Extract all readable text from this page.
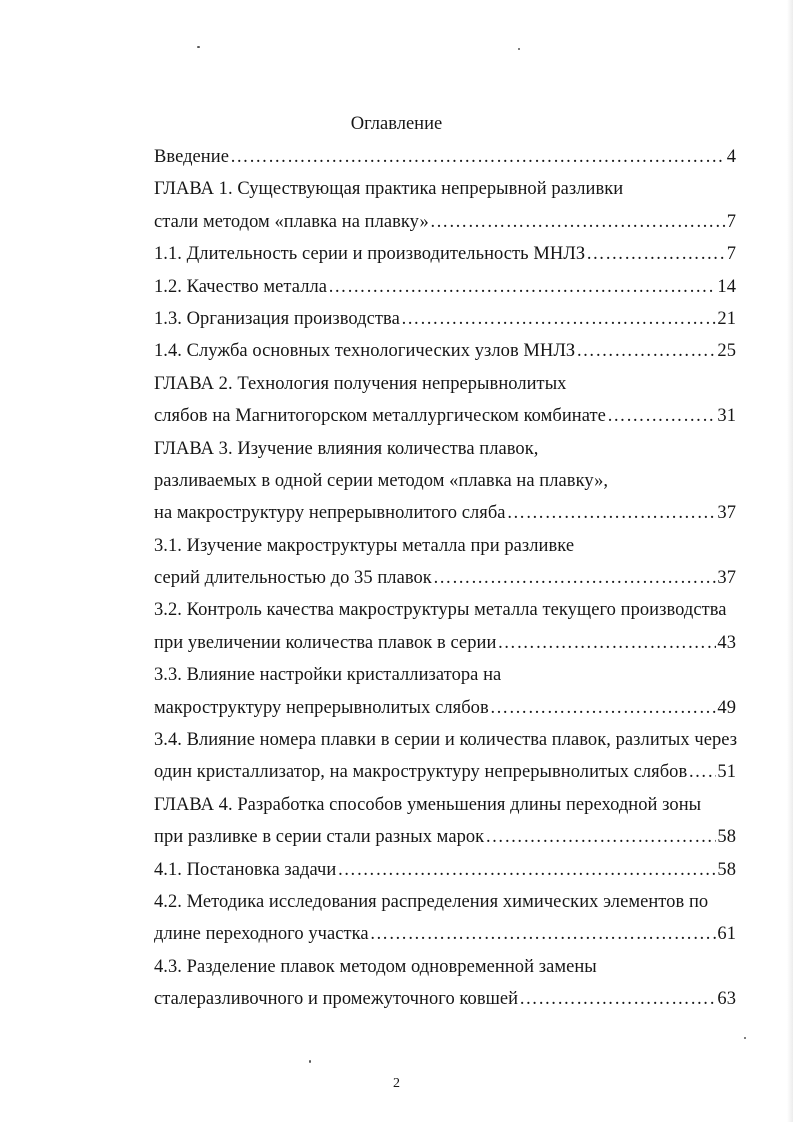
Оглавление
Введение ……………………………………………………………………………………………………………………………………………………………………………………………	4
ГЛАВА 1. Существующая практика непрерывной разливки
стали методом «плавка на плавку» ……………………………………………………………………………………………………………………………………………………………………………………………	7
1.1. Длительность серии и производительность МНЛЗ ……………………………………………………………………………………………………………………………………………………………………………………………	7
1.2. Качество металла ……………………………………………………………………………………………………………………………………………………………………………………………	14
1.3. Организация производства ……………………………………………………………………………………………………………………………………………………………………………………………	21
1.4. Служба основных технологических узлов МНЛЗ ……………………………………………………………………………………………………………………………………………………………………………………………	25
ГЛАВА 2. Технология получения непрерывнолитых
слябов на Магнитогорском металлургическом комбинате ……………………………………………………………………………………………………………………………………………………………………………………………	31
ГЛАВА 3. Изучение влияния количества плавок,
разливаемых в одной серии методом «плавка на плавку»,
на макроструктуру непрерывнолитого сляба ……………………………………………………………………………………………………………………………………………………………………………………………	37
3.1. Изучение макроструктуры металла при разливке
серий длительностью до 35 плавок ……………………………………………………………………………………………………………………………………………………………………………………………	37
3.2. Контроль качества макроструктуры металла текущего производства
при увеличении количества плавок в серии ……………………………………………………………………………………………………………………………………………………………………………………………	43
3.3. Влияние настройки кристаллизатора на
макроструктуру непрерывнолитых слябов ……………………………………………………………………………………………………………………………………………………………………………………………	49
3.4. Влияние номера плавки в серии и количества плавок, разлитых через
один кристаллизатор, на макроструктуру непрерывнолитых слябов …………………………………………………………………………………………………………………………………………………………………………………………… 51
ГЛАВА 4. Разработка способов уменьшения длины переходной зоны
при разливке в серии стали разных марок ……………………………………………………………………………………………………………………………………………………………………………………………	58
4.1. Постановка задачи ……………………………………………………………………………………………………………………………………………………………………………………………	58
4.2. Методика исследования распределения химических элементов по
длине переходного участка ……………………………………………………………………………………………………………………………………………………………………………………………	61
4.3. Разделение плавок методом одновременной замены
сталеразливочного и промежуточного ковшей ……………………………………………………………………………………………………………………………………………………………………………………………	63
2
